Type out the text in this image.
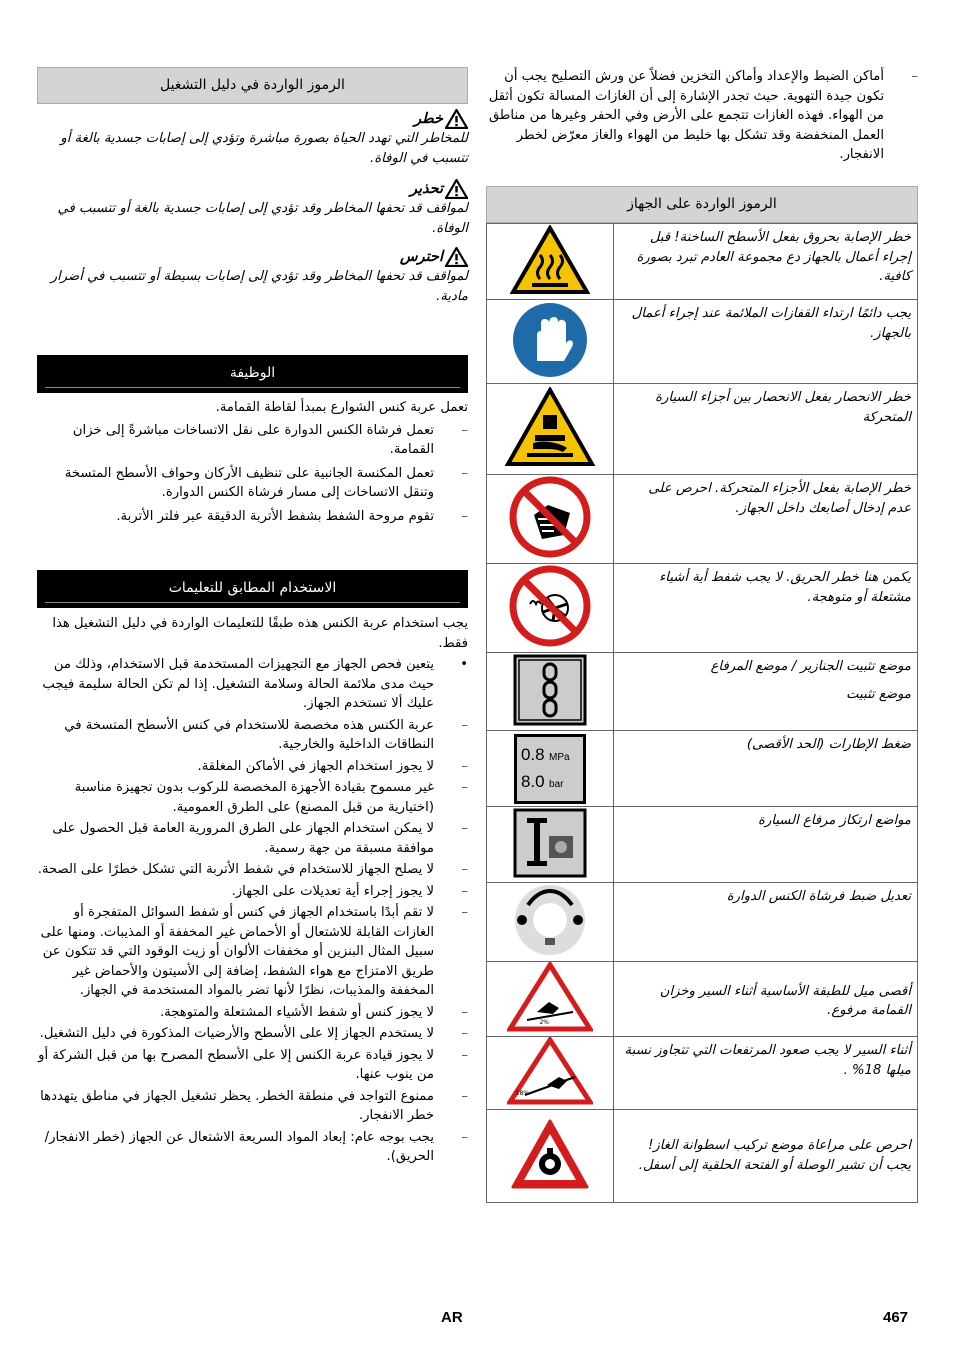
– أماكن الضبط والإعداد وأماكن التخزين فضلاً عن ورش التصليح يجب أن تكون جيدة التهوية. حيث تجدر الإشارة إلى أن الغازات المسالة تكون أثقل من الهواء. فهذه الغازات تتجمع على الأرض وفي الحفر وغيرها من مناطق العمل المنخفضة وقد تشكل بها خليط من الهواء والغاز معرّض لخطر الانفجار.
الرموز الواردة على الجهاز
خطر الإصابة بحروق بفعل الأسطح الساخنة! قبل إجراء أعمال بالجهاز دع مجموعة العادم تبرد بصورة كافية.	
يجب دائمًا ارتداء القفازات الملائمة عند إجراء أعمال بالجهاز.	
خطر الانحصار بفعل الانحصار بين أجزاء السيارة المتحركة	
خطر الإصابة بفعل الأجزاء المتحركة. احرص على عدم إدخال أصابعك داخل الجهاز.	
يكمن هنا خطر الحريق. لا يجب شفط أية أشياء مشتعلة أو متوهجة.	

موضع تثبيت الجنازير / موضع المرفاع
موضع تثبيت

ضغط الإطارات (الحد الأقصى)	0.8 MPa
8.0 bar

مواضع ارتكاز مرفاع السيارة	
تعديل ضبط فرشاة الكنس الدوارة	
أقصى ميل للطبقة الأساسية أثناء السير وخزان القمامة مرفوع.	2%

أثناء السير لا يجب صعود المرتفعات التي تتجاوز نسبة ميلها 18% .	18%

احرص على مراعاة موضع تركيب اسطوانة الغاز! يجب أن تشير الوصلة أو الفتحة الحلقية إلى أسفل.	
الرموز الواردة في دليل التشغيل
خطر
للمخاطر التي تهدد الحياة بصورة مباشرة وتؤدي إلى إصابات جسدية بالغة أو تتسبب في الوفاة.
تحذير
لمواقف قد تحفها المخاطر وقد تؤدي إلى إصابات جسدية بالغة أو تتسبب في الوفاة.
احترس
لمواقف قد تحفها المخاطر وقد تؤدي إلى إصابات بسيطة أو تتسبب في أضرار مادية.
الوظيفة

تعمل عربة كنس الشوارع بمبدأ لقاطة القمامة.

– تعمل فرشاة الكنس الدوارة على نقل الاتساخات مباشرةً إلى خزان القمامة.
– تعمل المكنسة الجانبية على تنظيف الأركان وحواف الأسطح المتسخة وتنقل الاتساخات إلى مسار فرشاة الكنس الدوارة.
– تقوم مروحة الشفط بشفط الأتربة الدقيقة عبر فلتر الأتربة.
الاستخدام المطابق للتعليمات

يجب استخدام عربة الكنس هذه طبقًا للتعليمات الواردة في دليل التشغيل هذا فقط.

• يتعين فحص الجهاز مع التجهيزات المستخدمة قبل الاستخدام، وذلك من حيث مدى ملائمة الحالة وسلامة التشغيل. إذا لم تكن الحالة سليمة فيجب عليك ألا تستخدم الجهاز.
– عربة الكنس هذه مخصصة للاستخدام في كنس الأسطح المتسخة في النطاقات الداخلية والخارجية.
– لا يجوز استخدام الجهاز في الأماكن المغلقة.
– غير مسموح بقيادة الأجهزة المخصصة للركوب بدون تجهيزة مناسبة (اختيارية من قبل المصنع) على الطرق العمومية.
– لا يمكن استخدام الجهاز على الطرق المرورية العامة قبل الحصول على موافقة مسبقة من جهة رسمية.
– لا يصلح الجهاز للاستخدام في شفط الأتربة التي تشكل خطرًا على الصحة.
– لا يجوز إجراء أية تعديلات على الجهاز.
– لا تقم أبدًا باستخدام الجهاز في كنس أو شفط السوائل المتفجرة أو الغازات القابلة للاشتعال أو الأحماض غير المخففة أو المذيبات. ومنها على سبيل المثال البنزين أو مخففات الألوان أو زيت الوقود التي قد تتكون عن طريق الامتزاج مع هواء الشفط، إضافة إلى الأسيتون والأحماض غير المخففة والمذيبات، نظرًا لأنها تضر بالمواد المستخدمة في الجهاز.
– لا يجوز كنس أو شفط الأشياء المشتعلة والمتوهجة.
– لا يستخدم الجهاز إلا على الأسطح والأرضيات المذكورة في دليل التشغيل.
– لا يجوز قيادة عربة الكنس إلا على الأسطح المصرح بها من قبل الشركة أو من ينوب عنها.
– ممنوع التواجد في منطقة الخطر. يحظر تشغيل الجهاز في مناطق يتهددها خطر الانفجار.
– يجب بوجه عام: إبعاد المواد السريعة الاشتعال عن الجهاز (خطر الانفجار/الحريق).
467
AR
